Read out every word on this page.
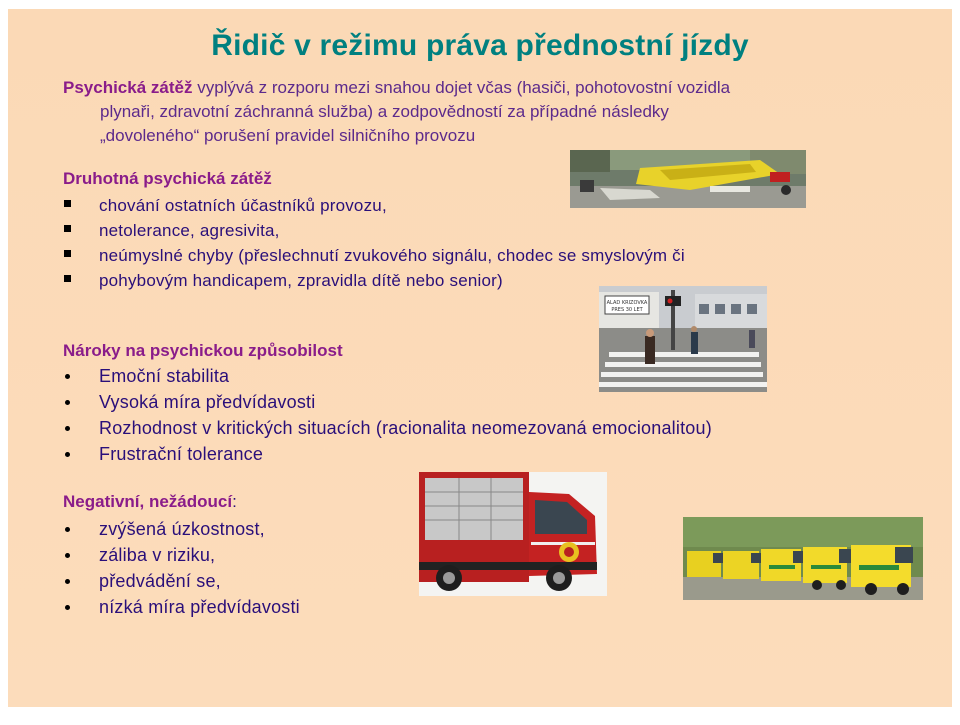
Řidič v režimu práva přednostní jízdy
Psychická zátěž vyplývá z rozporu mezi snahou dojet včas (hasiči, pohotovostní vozidla
plynaři, zdravotní záchranná služba) a zodpovědností za případné následky
„dovoleného“ porušení pravidel silničního provozu
Druhotná psychická zátěž
chování ostatních účastníků provozu,
netolerance, agresivita,
neúmyslné chyby (přeslechnutí zvukového signálu, chodec se smyslovým či
pohybovým handicapem, zpravidla dítě nebo senior)
Nároky na psychickou způsobilost
Emoční stabilita
Vysoká míra předvídavosti
Rozhodnost v kritických situacích (racionalita neomezovaná emocionalitou)
Frustrační tolerance
Negativní, nežádoucí:
zvýšená úzkostnost,
záliba v riziku,
předvádění se,
nízká míra předvídavosti
ALAD KRIZOVKA
PRES 30 LET
